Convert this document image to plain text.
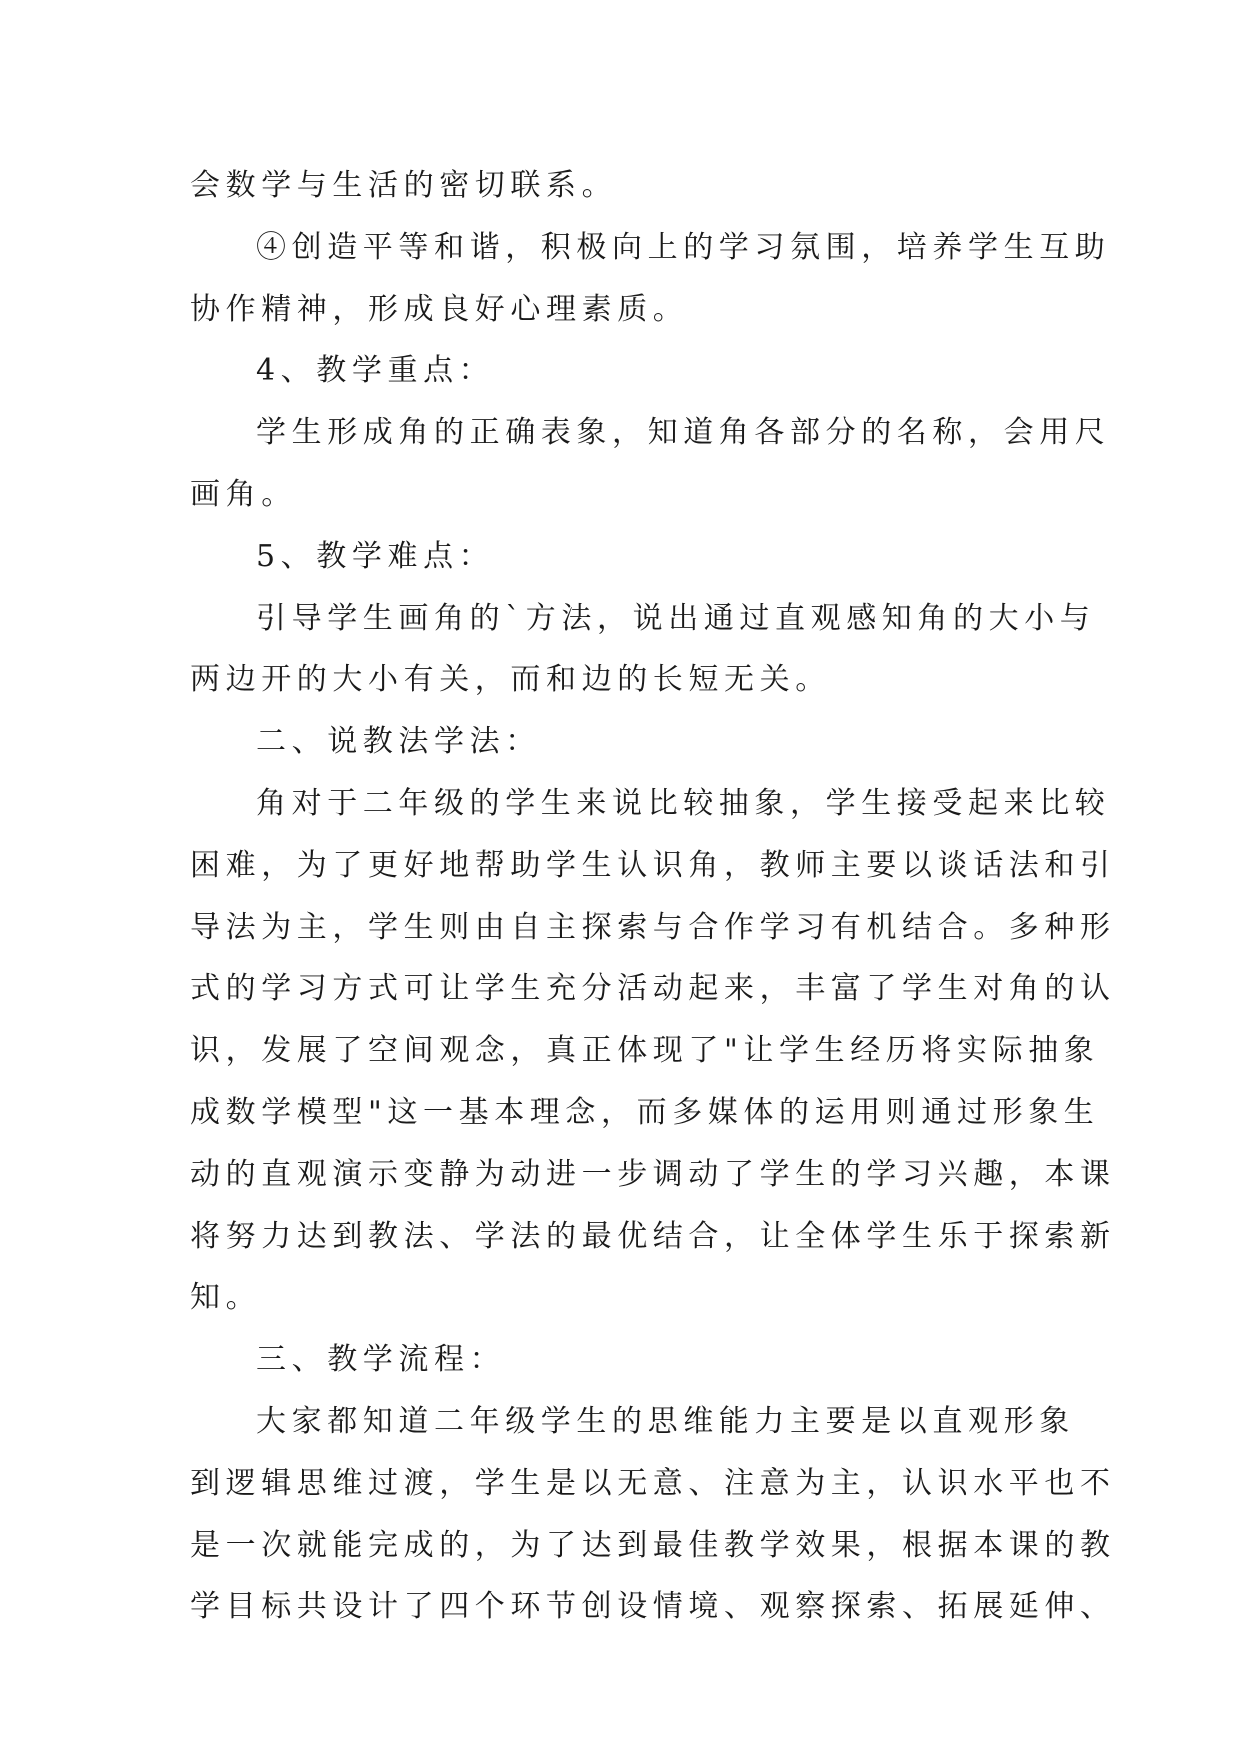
会数学与生活的密切联系。
④创造平等和谐，积极向上的学习氛围，培养学生互助
协作精神，形成良好心理素质。
4、教学重点：
学生形成角的正确表象，知道角各部分的名称，会用尺
画角。
5、教学难点：
引导学生画角的`方法，说出通过直观感知角的大小与
两边开的大小有关，而和边的长短无关。
二、说教法学法：
角对于二年级的学生来说比较抽象，学生接受起来比较
困难，为了更好地帮助学生认识角，教师主要以谈话法和引
导法为主，学生则由自主探索与合作学习有机结合。多种形
式的学习方式可让学生充分活动起来，丰富了学生对角的认
识，发展了空间观念，真正体现了"让学生经历将实际抽象
成数学模型"这一基本理念，而多媒体的运用则通过形象生
动的直观演示变静为动进一步调动了学生的学习兴趣，本课
将努力达到教法、学法的最优结合，让全体学生乐于探索新
知。
三、教学流程：
大家都知道二年级学生的思维能力主要是以直观形象
到逻辑思维过渡，学生是以无意、注意为主，认识水平也不
是一次就能完成的，为了达到最佳教学效果，根据本课的教
学目标共设计了四个环节创设情境、观察探索、拓展延伸、
